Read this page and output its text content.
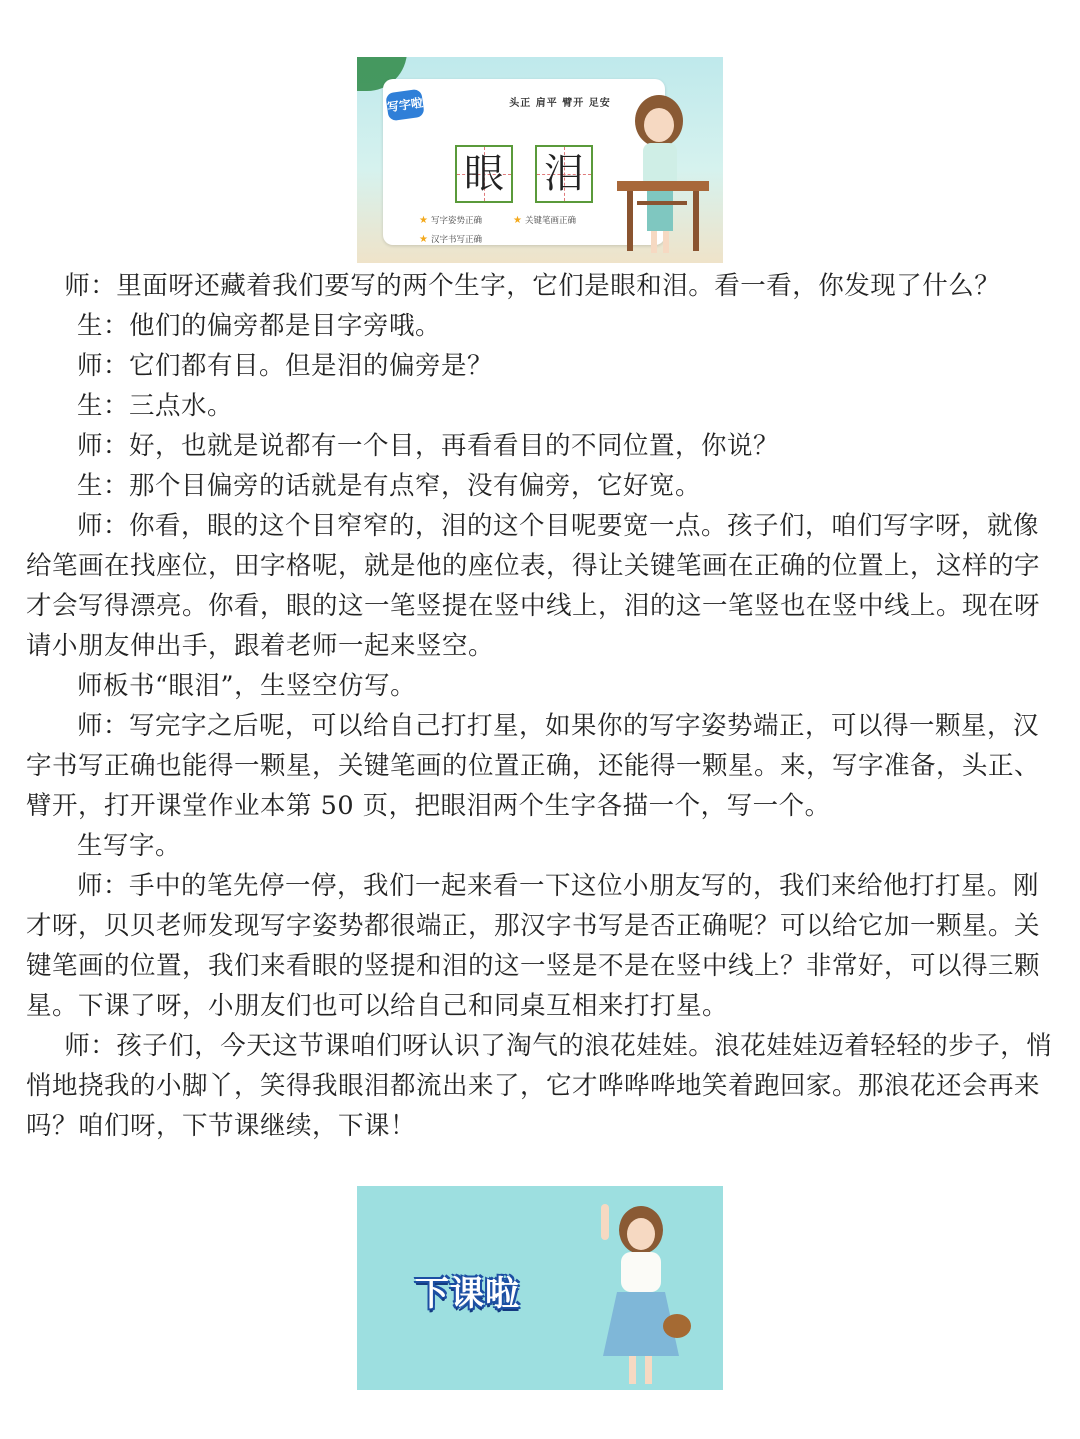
写字啦	头正 肩平 臂开 足安
眼 泪
★ 写字姿势正确	★ 关键笔画正确
★ 汉字书写正确

师：里面呀还藏着我们要写的两个生字，它们是眼和泪。看一看，你发现了什么？

生：他们的偏旁都是目字旁哦。

师：它们都有目。但是泪的偏旁是？

生：三点水。

师：好，也就是说都有一个目，再看看目的不同位置，你说？

生：那个目偏旁的话就是有点窄，没有偏旁，它好宽。

师：你看，眼的这个目窄窄的，泪的这个目呢要宽一点。孩子们，咱们写字呀，就像给笔画在找座位，田字格呢，就是他的座位表，得让关键笔画在正确的位置上，这样的字才会写得漂亮。你看，眼的这一笔竖提在竖中线上，泪的这一笔竖也在竖中线上。现在呀请小朋友伸出手，跟着老师一起来竖空。

师板书“眼泪”，生竖空仿写。

师：写完字之后呢，可以给自己打打星，如果你的写字姿势端正，可以得一颗星，汉字书写正确也能得一颗星，关键笔画的位置正确，还能得一颗星。来，写字准备，头正、臂开，打开课堂作业本第 50 页，把眼泪两个生字各描一个，写一个。

生写字。

师：手中的笔先停一停，我们一起来看一下这位小朋友写的，我们来给他打打星。刚才呀，贝贝老师发现写字姿势都很端正，那汉字书写是否正确呢？可以给它加一颗星。关键笔画的位置，我们来看眼的竖提和泪的这一竖是不是在竖中线上？非常好，可以得三颗星。下课了呀，小朋友们也可以给自己和同桌互相来打打星。

师：孩子们，今天这节课咱们呀认识了淘气的浪花娃娃。浪花娃娃迈着轻轻的步子，悄悄地挠我的小脚丫，笑得我眼泪都流出来了，它才哗哗哗地笑着跑回家。那浪花还会再来吗？咱们呀，下节课继续，下课！

下课啦
